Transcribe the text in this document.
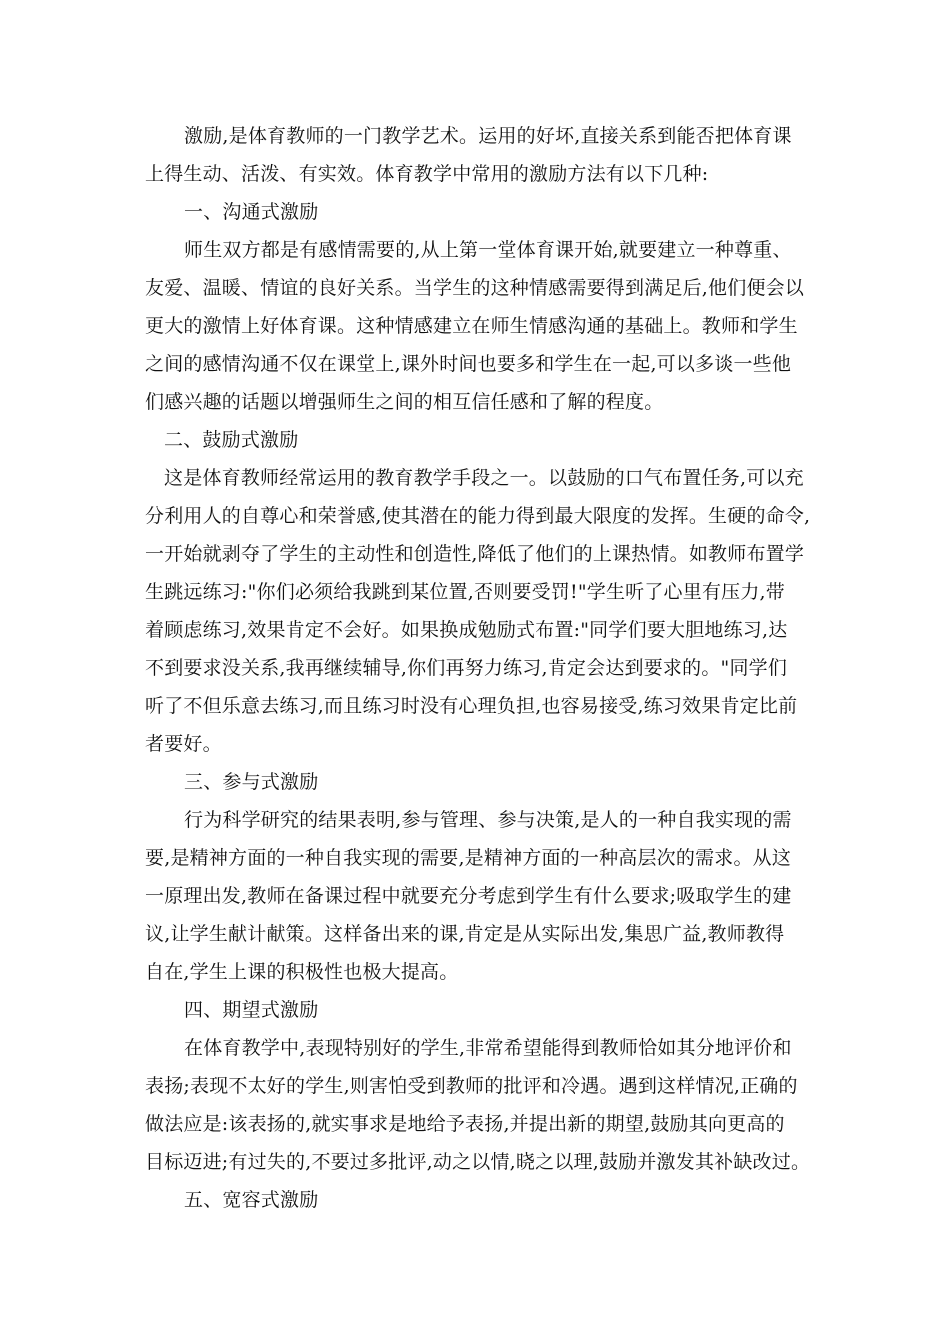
激励,是体育教师的一门教学艺术。运用的好坏,直接关系到能否把体育课
上得生动、活泼、有实效。体育教学中常用的激励方法有以下几种:
一、沟通式激励
师生双方都是有感情需要的,从上第一堂体育课开始,就要建立一种尊重、
友爱、温暖、情谊的良好关系。当学生的这种情感需要得到满足后,他们便会以
更大的激情上好体育课。这种情感建立在师生情感沟通的基础上。教师和学生
之间的感情沟通不仅在课堂上,课外时间也要多和学生在一起,可以多谈一些他
们感兴趣的话题以增强师生之间的相互信任感和了解的程度。
二、鼓励式激励
这是体育教师经常运用的教育教学手段之一。以鼓励的口气布置任务,可以充
分利用人的自尊心和荣誉感,使其潜在的能力得到最大限度的发挥。生硬的命令,
一开始就剥夺了学生的主动性和创造性,降低了他们的上课热情。如教师布置学
生跳远练习:"你们必须给我跳到某位置,否则要受罚!"学生听了心里有压力,带
着顾虑练习,效果肯定不会好。如果换成勉励式布置:"同学们要大胆地练习,达
不到要求没关系,我再继续辅导,你们再努力练习,肯定会达到要求的。"同学们
听了不但乐意去练习,而且练习时没有心理负担,也容易接受,练习效果肯定比前
者要好。
三、参与式激励
行为科学研究的结果表明,参与管理、参与决策,是人的一种自我实现的需
要,是精神方面的一种自我实现的需要,是精神方面的一种高层次的需求。从这
一原理出发,教师在备课过程中就要充分考虑到学生有什么要求;吸取学生的建
议,让学生献计献策。这样备出来的课,肯定是从实际出发,集思广益,教师教得
自在,学生上课的积极性也极大提高。
四、期望式激励
在体育教学中,表现特别好的学生,非常希望能得到教师恰如其分地评价和
表扬;表现不太好的学生,则害怕受到教师的批评和冷遇。遇到这样情况,正确的
做法应是:该表扬的,就实事求是地给予表扬,并提出新的期望,鼓励其向更高的
目标迈进;有过失的,不要过多批评,动之以情,晓之以理,鼓励并激发其补缺改过。
五、宽容式激励
